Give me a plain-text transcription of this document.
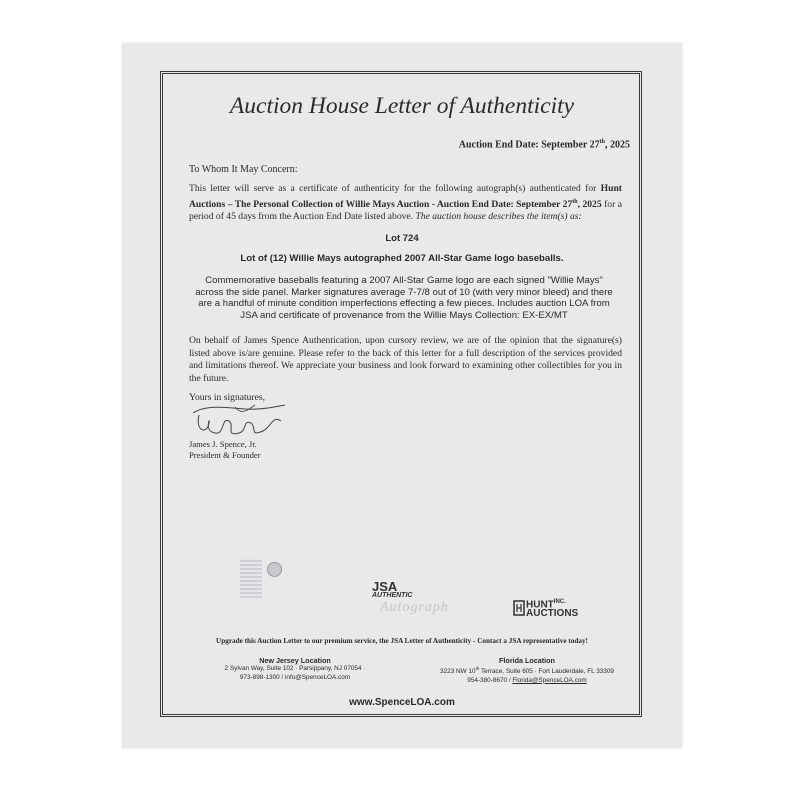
Auction House Letter of Authenticity
Auction End Date: September 27th, 2025
To Whom It May Concern:
This letter will serve as a certificate of authenticity for the following autograph(s) authenticated for Hunt Auctions – The Personal Collection of Willie Mays Auction - Auction End Date: September 27th, 2025 for a period of 45 days from the Auction End Date listed above. The auction house describes the item(s) as:
Lot 724
Lot of (12) Willie Mays autographed 2007 All-Star Game logo baseballs.
Commemorative baseballs featuring a 2007 All-Star Game logo are each signed "Willie Mays" across the side panel. Marker signatures average 7-7/8 out of 10 (with very minor bleed) and there are a handful of minute condition imperfections effecting a few pieces. Includes auction LOA from JSA and certificate of provenance from the Willie Mays Collection: EX-EX/MT
On behalf of James Spence Authentication, upon cursory review, we are of the opinion that the signature(s) listed above is/are genuine. Please refer to the back of this letter for a full description of the services provided and limitations thereof. We appreciate your business and look forward to examining other collectibles for you in the future.
Yours in signatures,
James J. Spence, Jr.
President & Founder
JSA
AUTHENTIC
Autograph	$HUNT^{INC.}$
AUCTIONS
Upgrade this Auction Letter to our premium service, the JSA Letter of Authenticity - Contact a JSA representative today!
New Jersey Location
2 Sylvan Way, Suite 102 · Parsippany, NJ 07054 ·
973-898-1300 / info@SpenceLOA.com
Florida Location
3223 NW 10th Terrace, Suite 605 · Fort Lauderdale, FL 33309
954-380-8670 / Florida@SpenceLOA.com
www.SpenceLOA.com
